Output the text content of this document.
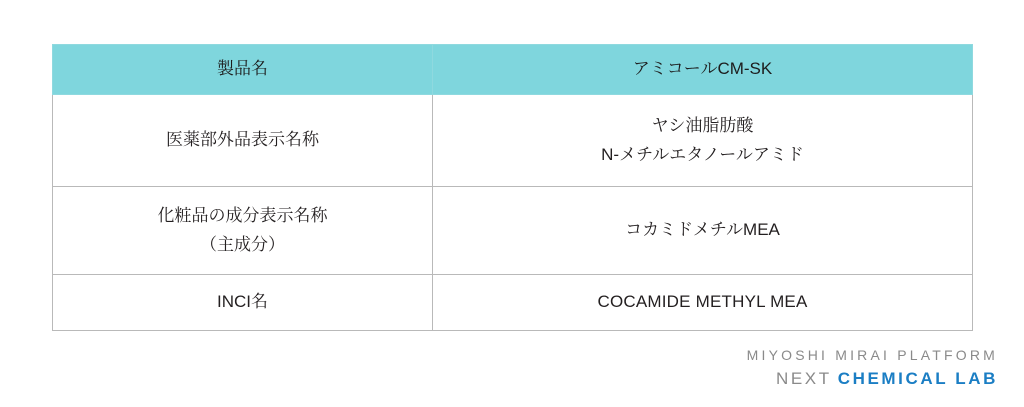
製品名	アミコールCM-SK

医薬部外品表示名称	ヤシ油脂肪酸
N-メチルエタノールアミド

化粧品の成分表示名称
（主成分）	コカミドメチルMEA

INCI名	COCAMIDE METHYL MEA
MIYOSHI MIRAI PLATFORM
NEXT CHEMICAL LAB
